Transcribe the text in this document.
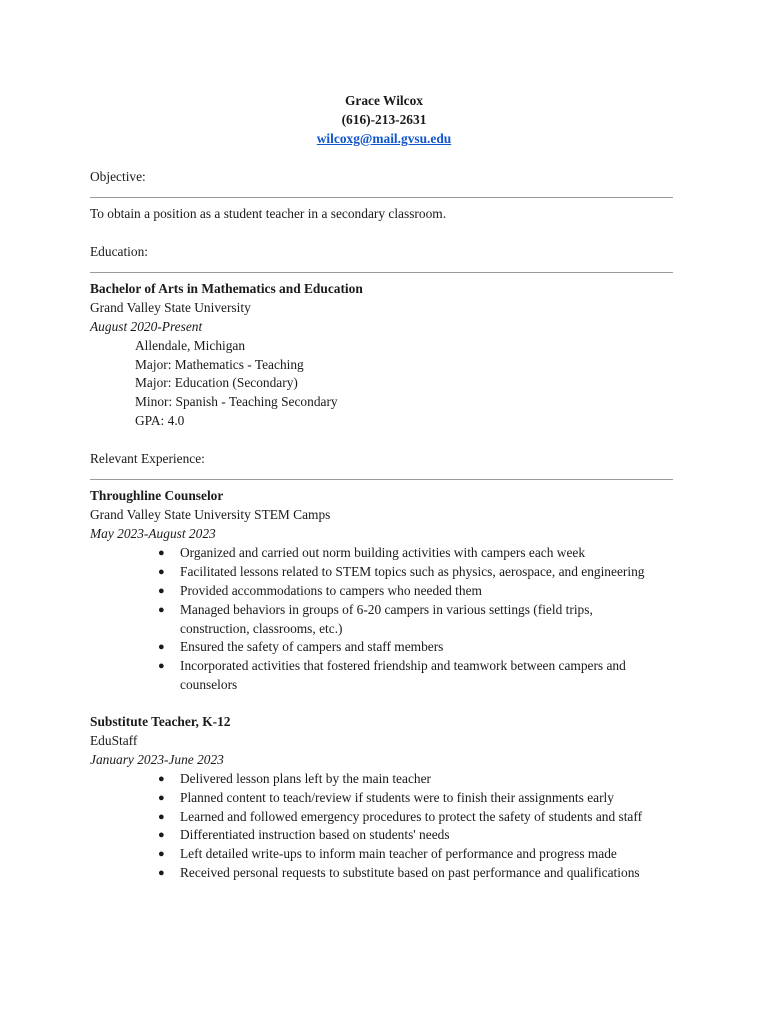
Grace Wilcox
(616)-213-2631
wilcoxg@mail.gvsu.edu
Objective:
To obtain a position as a student teacher in a secondary classroom.
Education:
Bachelor of Arts in Mathematics and Education
Grand Valley State University
August 2020-Present
Allendale, Michigan
Major: Mathematics - Teaching
Major: Education (Secondary)
Minor: Spanish - Teaching Secondary
GPA: 4.0
Relevant Experience:
Throughline Counselor
Grand Valley State University STEM Camps
May 2023-August 2023
● Organized and carried out norm building activities with campers each week
● Facilitated lessons related to STEM topics such as physics, aerospace, and engineering
● Provided accommodations to campers who needed them
● Managed behaviors in groups of 6-20 campers in various settings (field trips,
construction, classrooms, etc.)
● Ensured the safety of campers and staff members
● Incorporated activities that fostered friendship and teamwork between campers and
counselors
Substitute Teacher, K-12
EduStaff
January 2023-June 2023
● Delivered lesson plans left by the main teacher
● Planned content to teach/review if students were to finish their assignments early
● Learned and followed emergency procedures to protect the safety of students and staff
● Differentiated instruction based on students' needs
● Left detailed write-ups to inform main teacher of performance and progress made
● Received personal requests to substitute based on past performance and qualifications
